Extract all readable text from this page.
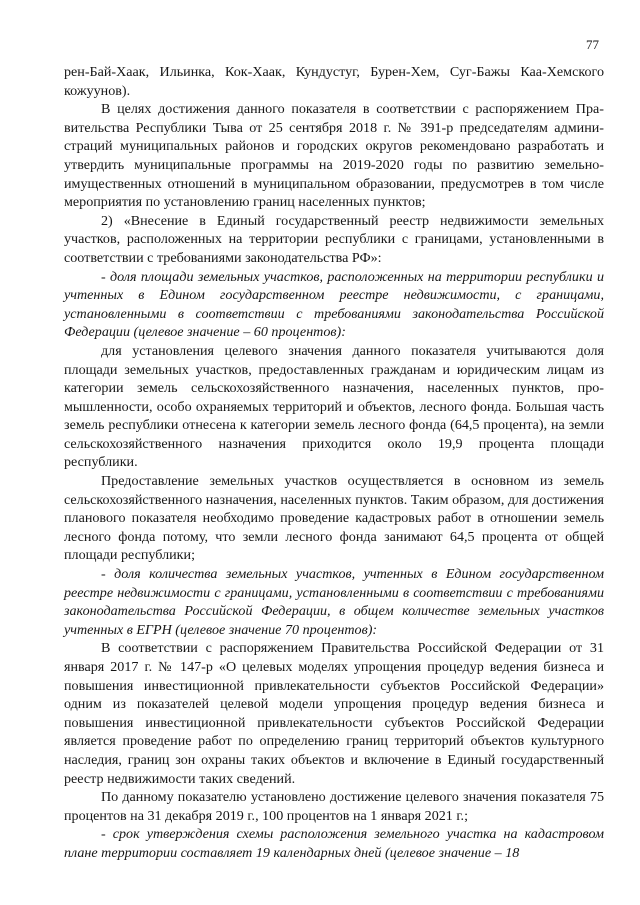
77

рен-Бай-Хаак, Ильинка, Кок-Хаак, Кундустуг, Бурен-Хем, Суг-Бажы Каа-Хемского кожуунов).

В целях достижения данного показателя в соответствии с распоряжением Правительства Республики Тыва от 25 сентября 2018 г. № 391-р председателям администраций муниципальных районов и городских округов рекомендовано разработать и утвердить муниципальные программы на 2019-2020 годы по развитию земельно-имущественных отношений в муниципальном образовании, предусмотрев в том числе мероприятия по установлению границ населенных пунктов;

2) «Внесение в Единый государственный реестр недвижимости земельных участков, расположенных на территории республики с границами, установленными в соответствии с требованиями законодательства РФ»:

- доля площади земельных участков, расположенных на территории республики и учтенных в Едином государственном реестре недвижимости, с границами, установленными в соответствии с требованиями законодательства Российской Федерации (целевое значение – 60 процентов):

для установления целевого значения данного показателя учитываются доля площади земельных участков, предоставленных гражданам и юридическим лицам из категории земель сельскохозяйственного назначения, населенных пунктов, промышленности, особо охраняемых территорий и объектов, лесного фонда. Большая часть земель республики отнесена к категории земель лесного фонда (64,5 процента), на земли сельскохозяйственного назначения приходится около 19,9 процента площади республики.

Предоставление земельных участков осуществляется в основном из земель сельскохозяйственного назначения, населенных пунктов. Таким образом, для достижения планового показателя необходимо проведение кадастровых работ в отношении земель лесного фонда потому, что земли лесного фонда занимают 64,5 процента от общей площади республики;

- доля количества земельных участков, учтенных в Едином государственном реестре недвижимости с границами, установленными в соответствии с требованиями законодательства Российской Федерации, в общем количестве земельных участков учтенных в ЕГРН (целевое значение 70 процентов):

В соответствии с распоряжением Правительства Российской Федерации от 31 января 2017 г. № 147-р «О целевых моделях упрощения процедур ведения бизнеса и повышения инвестиционной привлекательности субъектов Российской Федерации» одним из показателей целевой модели упрощения процедур ведения бизнеса и повышения инвестиционной привлекательности субъектов Российской Федерации является проведение работ по определению границ территорий объектов культурного наследия, границ зон охраны таких объектов и включение в Единый государственный реестр недвижимости таких сведений.

По данному показателю установлено достижение целевого значения показателя 75 процентов на 31 декабря 2019 г., 100 процентов на 1 января 2021 г.;

- срок утверждения схемы расположения земельного участка на кадастровом плане территории составляет 19 календарных дней (целевое значение – 18
